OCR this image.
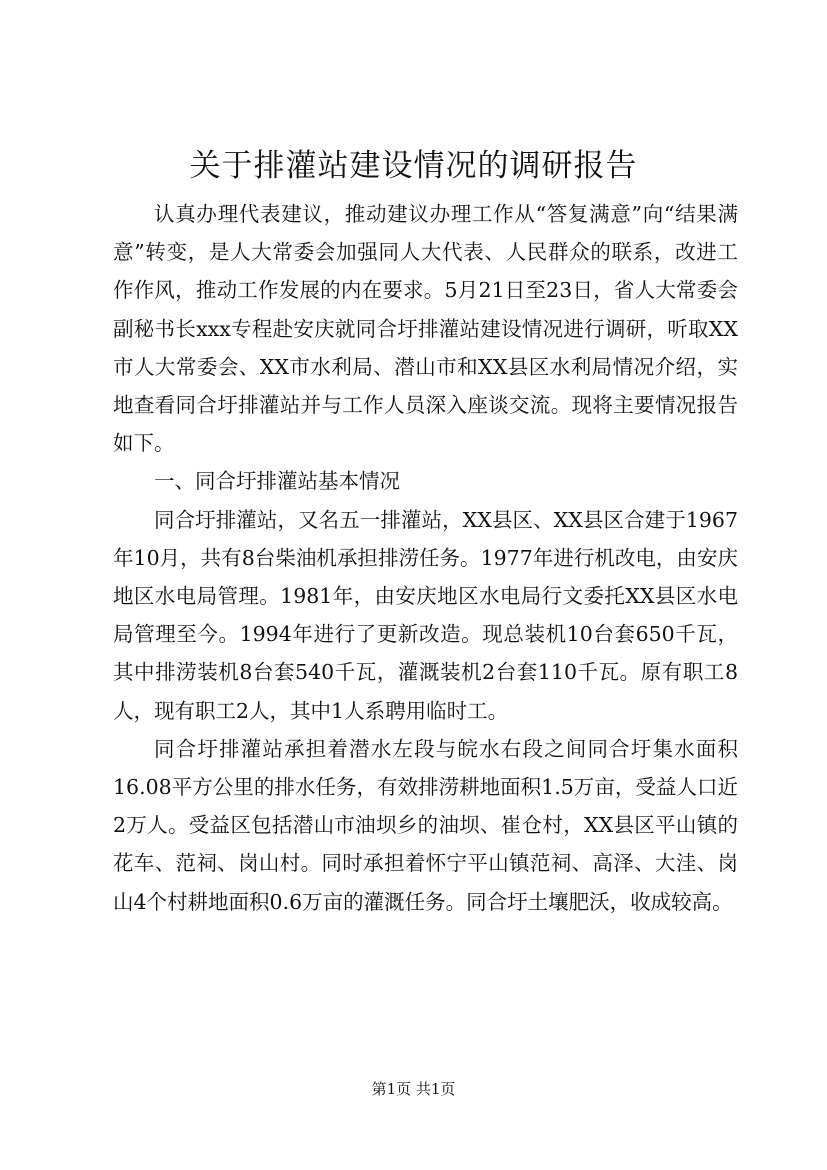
关于排灌站建设情况的调研报告

认真办理代表建议，推动建议办理工作从“答复满意”向“结果满意”转变，是人大常委会加强同人大代表、人民群众的联系，改进工作作风，推动工作发展的内在要求。5月21日至23日，省人大常委会副秘书长xxx专程赴安庆就同合圩排灌站建设情况进行调研，听取XX市人大常委会、XX市水利局、潜山市和XX县区水利局情况介绍，实地查看同合圩排灌站并与工作人员深入座谈交流。现将主要情况报告如下。

一、同合圩排灌站基本情况

同合圩排灌站，又名五一排灌站，XX县区、XX县区合建于1967年10月，共有8台柴油机承担排涝任务。1977年进行机改电，由安庆地区水电局管理。1981年，由安庆地区水电局行文委托XX县区水电局管理至今。1994年进行了更新改造。现总装机10台套650千瓦，其中排涝装机8台套540千瓦，灌溉装机2台套110千瓦。原有职工8人，现有职工2人，其中1人系聘用临时工。

同合圩排灌站承担着潜水左段与皖水右段之间同合圩集水面积16.08平方公里的排水任务，有效排涝耕地面积1.5万亩，受益人口近2万人。受益区包括潜山市油坝乡的油坝、崔仓村，XX县区平山镇的花车、范祠、岗山村。同时承担着怀宁平山镇范祠、高泽、大洼、岗山4个村耕地面积0.6万亩的灌溉任务。同合圩土壤肥沃，收成较高。

第1页 共1页
